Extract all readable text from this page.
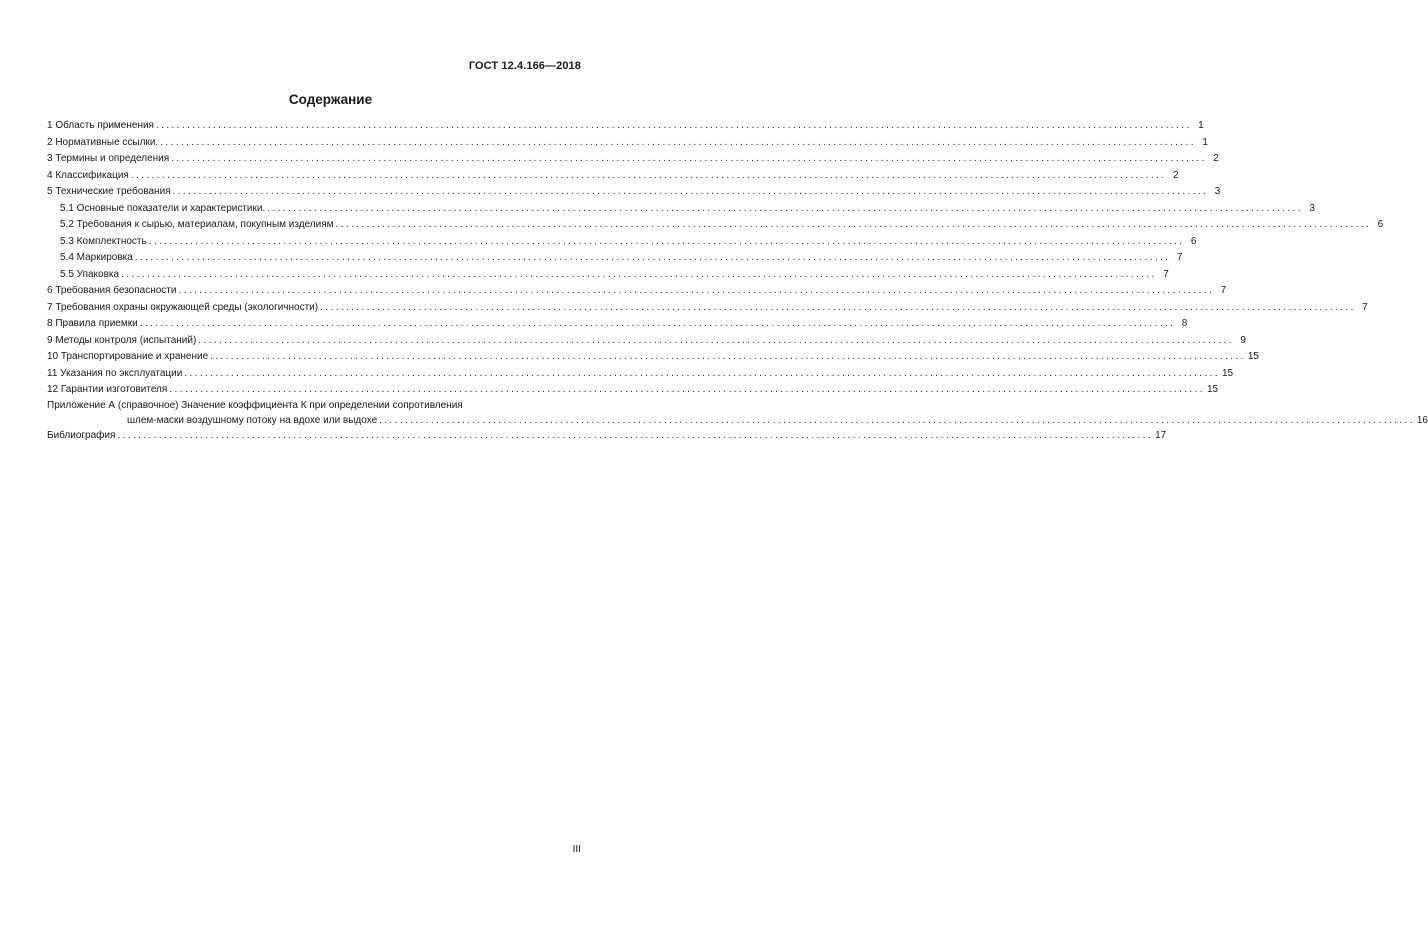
ГОСТ 12.4.166—2018
Содержание
1 Область применения ........................................................................................................................................................................................................ 1
2 Нормативные ссылки. ........................................................................................................................................................................................................ 1
3 Термины и определения ........................................................................................................................................................................................................ 2
4 Классификация ........................................................................................................................................................................................................ 2
5 Технические требования ........................................................................................................................................................................................................ 3
5.1 Основные показатели и характеристики. ........................................................................................................................................................................................................ 3
5.2 Требования к сырью, материалам, покупным изделиям ........................................................................................................................................................................................................ 6
5.3 Комплектность ........................................................................................................................................................................................................ 6
5.4 Маркировка ........................................................................................................................................................................................................ 7
5.5 Упаковка ........................................................................................................................................................................................................ 7
6 Требования безопасности ........................................................................................................................................................................................................ 7
7 Требования охраны окружающей среды (экологичности) ........................................................................................................................................................................................................ 7
8 Правила приемки ........................................................................................................................................................................................................ 8
9 Методы контроля (испытаний) ........................................................................................................................................................................................................ 9
10 Транспортирование и хранение ........................................................................................................................................................................................................ 15
11 Указания по эксплуатации ........................................................................................................................................................................................................ 15
12 Гарантии изготовителя ........................................................................................................................................................................................................ 15
Приложение А (справочное) Значение коэффициента К при определении сопротивления
шлем-маски воздушному потоку на вдохе или выдохе ........................................................................................................................................................................................................ 16
Библиография ........................................................................................................................................................................................................ 17
III
